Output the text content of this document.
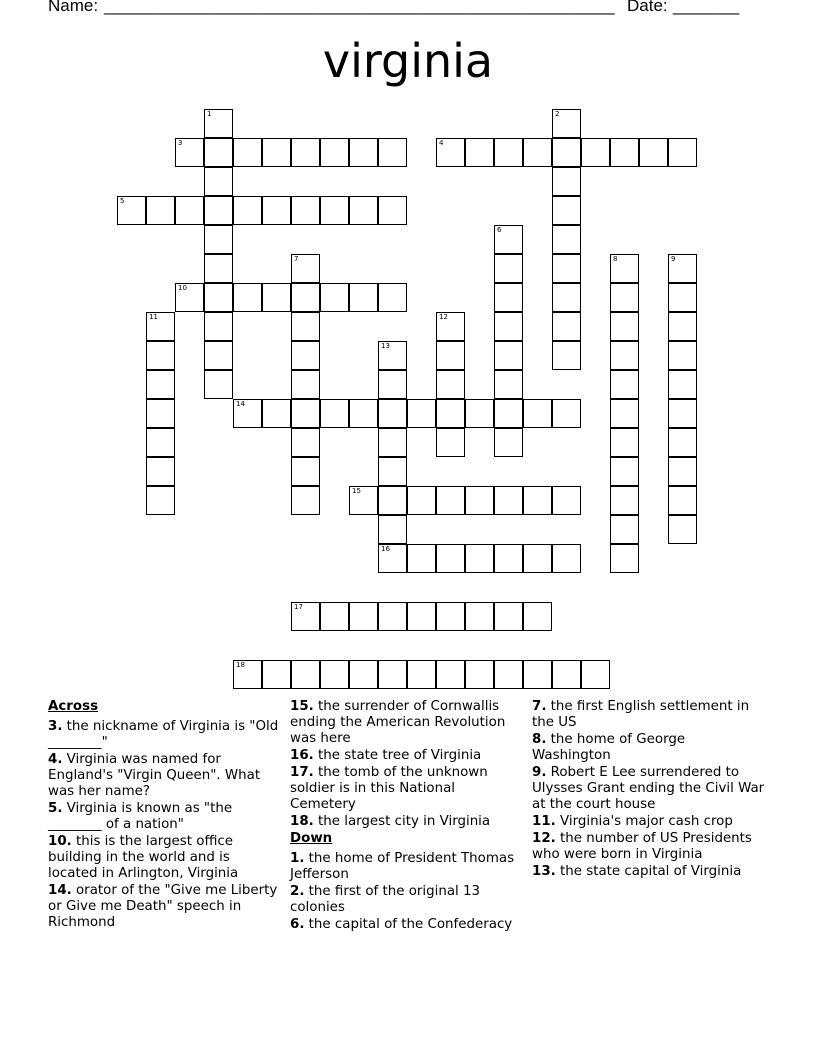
Name: ______________________________________________________ Date: _______
virginia
1	2
3	4
5
6
7	8	9
10
11	12
13
16
14
15
17
18
Across
3. the nickname of Virginia is "Old ________"
4. Virginia was named for England's "Virgin Queen". What was her name?
5. Virginia is known as "the ________ of a nation"
10. this is the largest office building in the world and is located in Arlington, Virginia
14. orator of the "Give me Liberty or Give me Death" speech in Richmond
15. the surrender of Cornwallis ending the American Revolution was here
16. the state tree of Virginia
17. the tomb of the unknown soldier is in this National Cemetery
18. the largest city in Virginia
Down
1. the home of President Thomas Jefferson
2. the first of the original 13 colonies
6. the capital of the Confederacy
7. the first English settlement in the US
8. the home of George Washington
9. Robert E Lee surrendered to Ulysses Grant ending the Civil War at the court house
11. Virginia's major cash crop
12. the number of US Presidents who were born in Virginia
13. the state capital of Virginia
